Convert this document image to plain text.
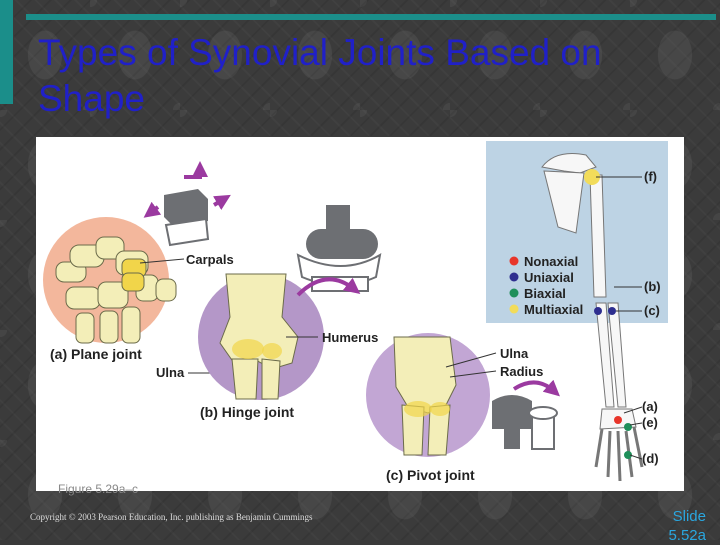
Types of Synovial Joints Based on Shape
Carpals
(a) Plane joint
Ulna
Humerus
(b) Hinge joint
Ulna
Radius
(c) Pivot joint
(f)
(b)
(c)
(a)
(e)
(d)
Nonaxial
Uniaxial
Biaxial
Multiaxial
Figure 5.29a–c
Copyright © 2003 Pearson Education, Inc. publishing as Benjamin Cummings	Slide 5.52a
